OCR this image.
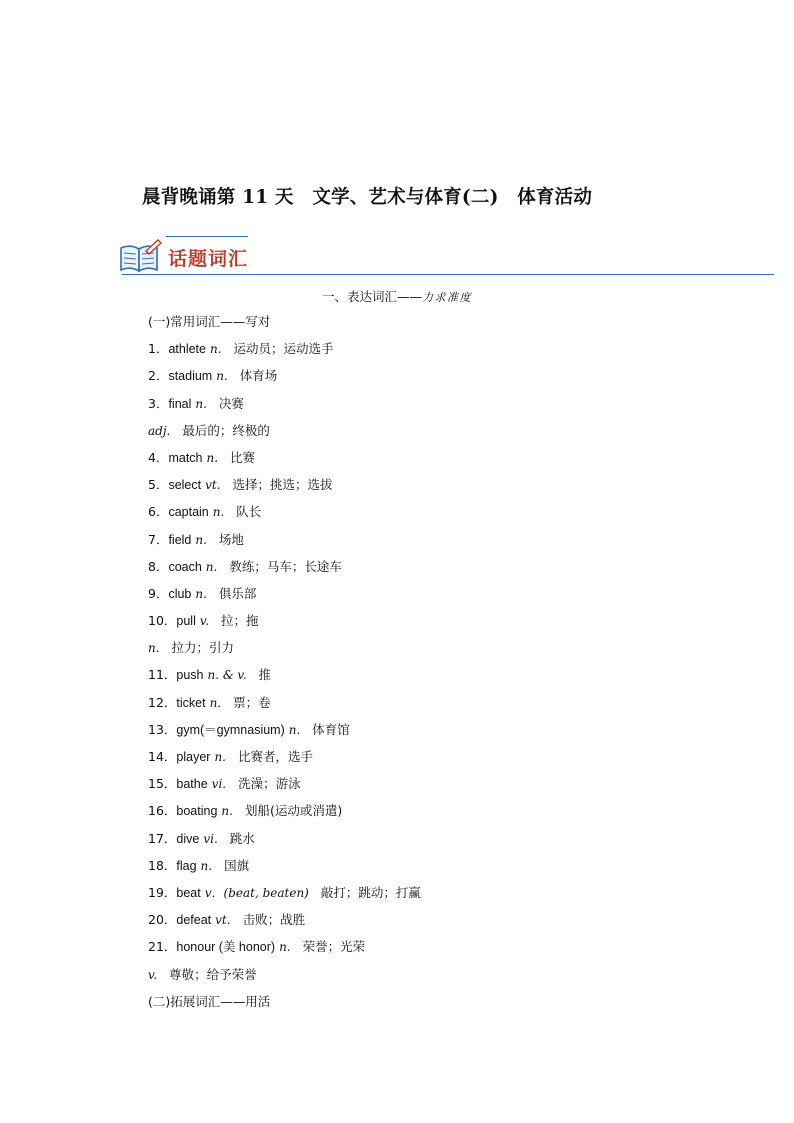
晨背晚诵第 11 天　文学、艺术与体育(二)　体育活动
话题词汇
一、表达词汇——力求准度
(一)常用词汇——写对
1．athlete n. 运动员；运动选手
2．stadium n. 体育场
3．final n. 决赛
adj. 最后的；终极的
4．match n. 比赛
5．select vt. 选择；挑选；选拔
6．captain n. 队长
7．field n. 场地
8．coach n. 教练；马车；长途车
9．club n. 俱乐部
10．pull v. 拉；拖
n. 拉力；引力
11．push n. & v. 推
12．ticket n. 票；卷
13．gym(＝gymnasium) n. 体育馆
14．player n. 比赛者，选手
15．bathe vi. 洗澡；游泳
16．boating n. 划船(运动或消遣)
17．dive vi. 跳水
18．flag n. 国旗
19．beat v．(beat, beaten) 敲打；跳动；打赢
20．defeat vt. 击败；战胜
21．honour (美 honor) n. 荣誉；光荣
v. 尊敬；给予荣誉
(二)拓展词汇——用活
